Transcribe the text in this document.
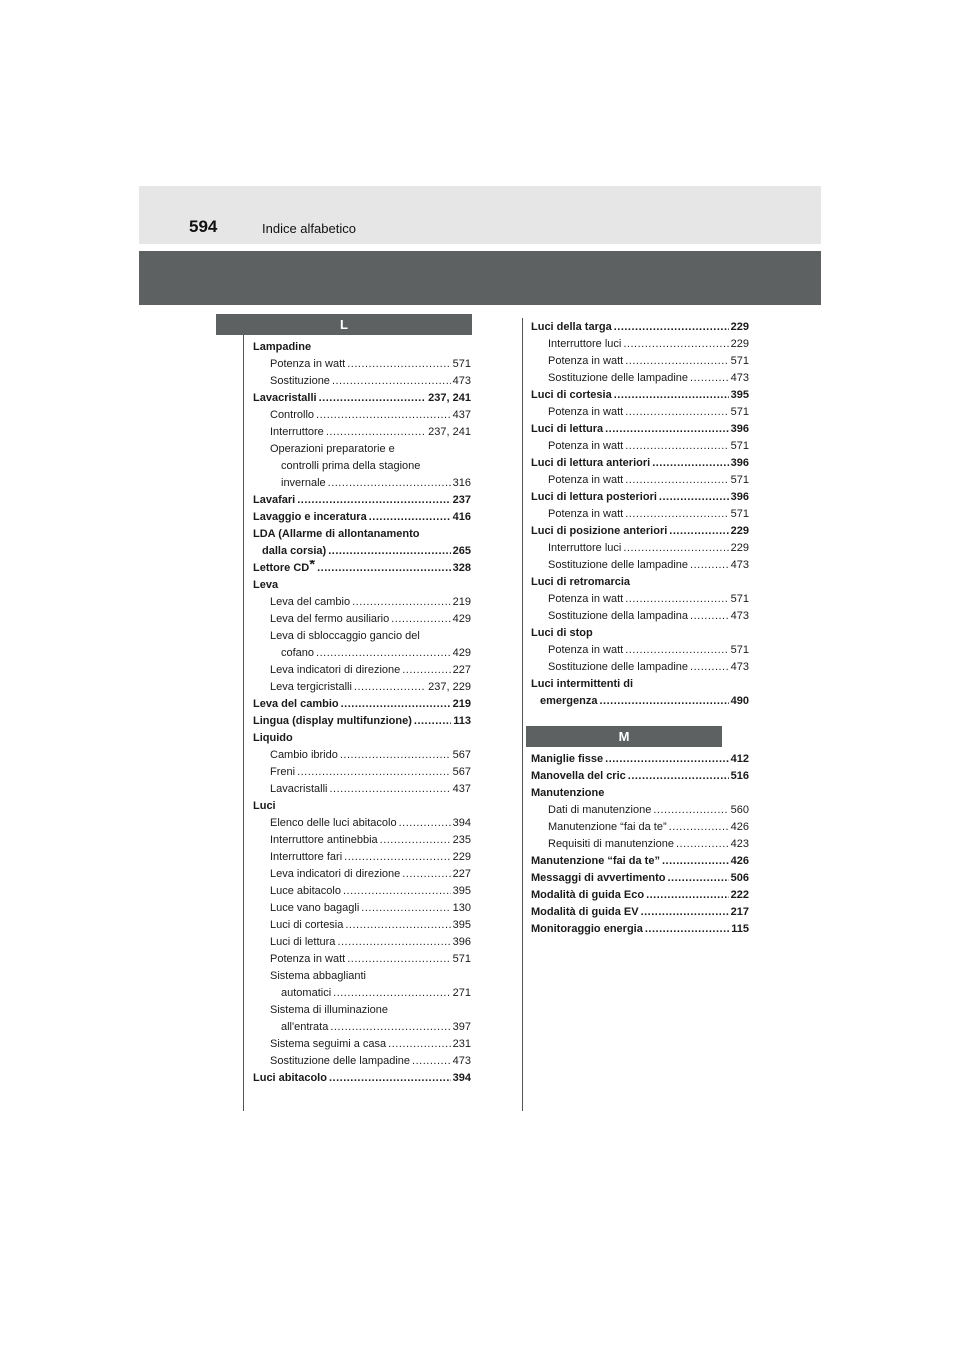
594	Indice alfabetico
L
M
Lampadine
Potenza in watt .....	571
Sostituzione .....	473
Lavacristalli .....	237, 241
Controllo .....	437
Interruttore .....	237, 241
Operazioni preparatorie e
controlli prima della stagione
invernale .....	316
Lavafari .....	237
Lavaggio e inceratura .....	416
LDA (Allarme di allontanamento
dalla corsia) .....	265
Lettore CD* .....	328
Leva
Leva del cambio .....	219
Leva del fermo ausiliario .....	429
Leva di sbloccaggio gancio del
cofano .....	429
Leva indicatori di direzione .....	227
Leva tergicristalli .....	237, 229
Leva del cambio .....	219
Lingua (display multifunzione) .....	113
Liquido
Cambio ibrido .....	567
Freni .....	567
Lavacristalli .....	437
Luci
Elenco delle luci abitacolo .....	394
Interruttore antinebbia .....	235
Interruttore fari .....	229
Leva indicatori di direzione .....	227
Luce abitacolo .....	395
Luce vano bagagli .....	130
Luci di cortesia .....	395
Luci di lettura .....	396
Potenza in watt .....	571
Sistema abbaglianti
automatici .....	271
Sistema di illuminazione
all'entrata .....	397
Sistema seguimi a casa .....	231
Sostituzione delle lampadine .....	473
Luci abitacolo .....	394
Luci della targa .....	229
Interruttore luci .....	229
Potenza in watt .....	571
Sostituzione delle lampadine .....	473
Luci di cortesia .....	395
Potenza in watt .....	571
Luci di lettura .....	396
Potenza in watt .....	571
Luci di lettura anteriori .....	396
Potenza in watt .....	571
Luci di lettura posteriori .....	396
Potenza in watt .....	571
Luci di posizione anteriori .....	229
Interruttore luci .....	229
Sostituzione delle lampadine .....	473
Luci di retromarcia
Potenza in watt .....	571
Sostituzione della lampadina .....	473
Luci di stop
Potenza in watt .....	571
Sostituzione delle lampadine .....	473
Luci intermittenti di
emergenza .....	490
Maniglie fisse .....	412
Manovella del cric .....	516
Manutenzione
Dati di manutenzione .....	560
Manutenzione “fai da te” .....	426
Requisiti di manutenzione .....	423
Manutenzione “fai da te” .....	426
Messaggi di avvertimento .....	506
Modalità di guida Eco .....	222
Modalità di guida EV .....	217
Monitoraggio energia .....	115
